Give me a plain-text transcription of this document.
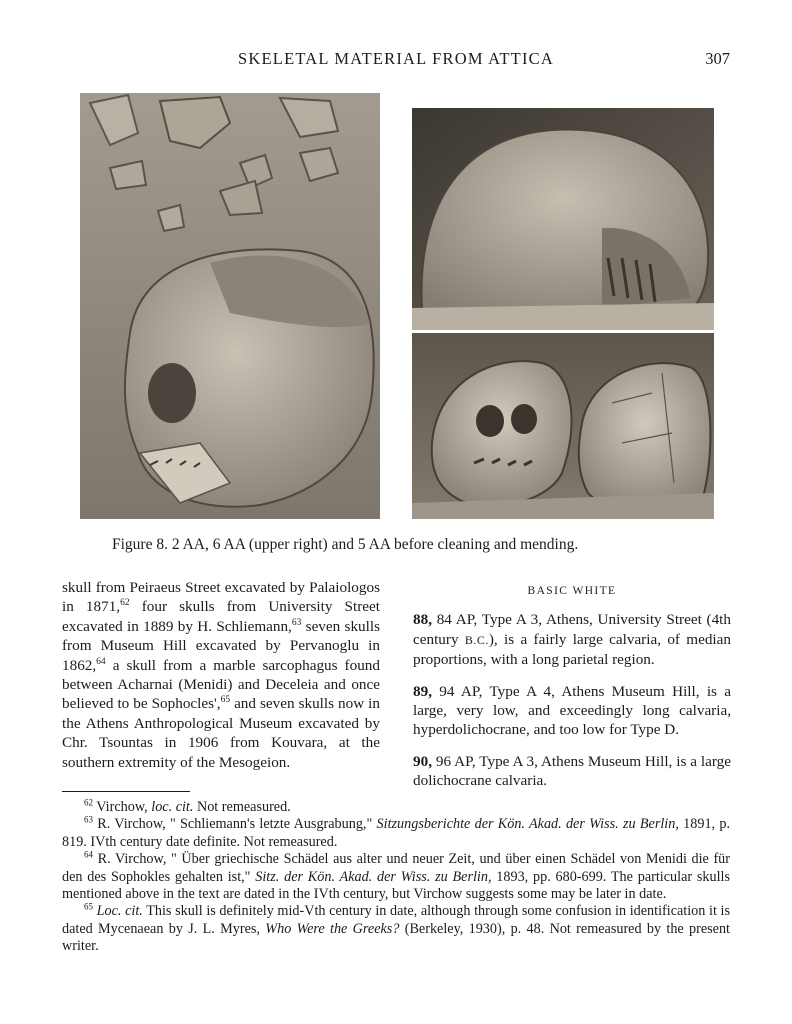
SKELETAL MATERIAL FROM ATTICA	307
Figure 8. 2 AA, 6 AA (upper right) and 5 AA before cleaning and mending.

skull from Peiraeus Street excavated by Palaiologos in 1871,62 four skulls from University Street excavated in 1889 by H. Schliemann,$^{63}$ seven skulls from Museum Hill excavated by Pervanoglu in 1862,64 a skull from a marble sarcophagus found between Acharnai (Menidi) and Deceleia and once believed to be Sophocles',$^{65}$ and seven skulls now in the Athens Anthropological Museum excavated by Chr. Tsountas in 1906 from Kouvara, at the southern extremity of the Mesogeion.

BASIC WHITE

88, 84 AP, Type A 3, Athens, University Street (4th century B.C.), is a fairly large calvaria, of median proportions, with a long parietal region.

89, 94 AP, Type A 4, Athens Museum Hill, is a large, very low, and exceedingly long calvaria, hyperdolichocrane, and too low for Type D.

90, 96 AP, Type A 3, Athens Museum Hill, is a large dolichocrane calvaria.

$^{62}$ Virchow, loc. cit. Not remeasured.

$^{63}$ R. Virchow, " Schliemann's letzte Ausgrabung," Sitzungsberichte der Kön. Akad. der Wiss. zu Berlin, 1891, p. 819. IVth century date definite. Not remeasured.

$^{64}$ R. Virchow, " Über griechische Schädel aus alter und neuer Zeit, und über einen Schädel von Menidi die für den des Sophokles gehalten ist," Sitz. der Kön. Akad. der Wiss. zu Berlin, 1893, pp. 680-699. The particular skulls mentioned above in the text are dated in the IVth century, but Virchow suggests some may be later in date.

$^{65}$ Loc. cit. This skull is definitely mid-Vth century in date, although through some confusion in identification it is dated Mycenaean by J. L. Myres, Who Were the Greeks? (Berkeley, 1930), p. 48. Not remeasured by the present writer.
